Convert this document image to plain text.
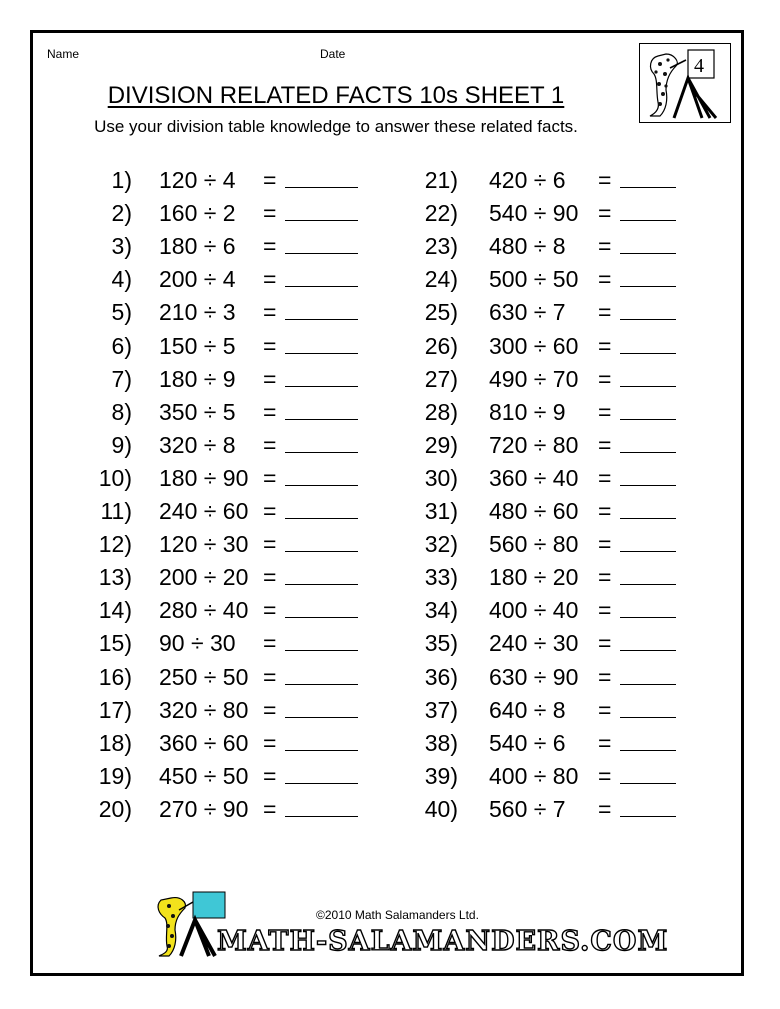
Name	Date
4
DIVISION RELATED FACTS 10s SHEET 1
Use your division table knowledge to answer these related facts.
1) 120 ÷ 4 =
2) 160 ÷ 2 =
3) 180 ÷ 6 =
4) 200 ÷ 4 =
5) 210 ÷ 3 =
6) 150 ÷ 5 =
7) 180 ÷ 9 =
8) 350 ÷ 5 =
9) 320 ÷ 8 =
10) 180 ÷ 90 =
11) 240 ÷ 60 =
12) 120 ÷ 30 =
13) 200 ÷ 20 =
14) 280 ÷ 40 =
15) 90 ÷ 30 =
16) 250 ÷ 50 =
17) 320 ÷ 80 =
18) 360 ÷ 60 =
19) 450 ÷ 50 =
20) 270 ÷ 90 =
21) 420 ÷ 6 =
22) 540 ÷ 90 =
23) 480 ÷ 8 =
24) 500 ÷ 50 =
25) 630 ÷ 7 =
26) 300 ÷ 60 =
27) 490 ÷ 70 =
28) 810 ÷ 9 =
29) 720 ÷ 80 =
30) 360 ÷ 40 =
31) 480 ÷ 60 =
32) 560 ÷ 80 =
33) 180 ÷ 20 =
34) 400 ÷ 40 =
35) 240 ÷ 30 =
36) 630 ÷ 90 =
37) 640 ÷ 8 =
38) 540 ÷ 6 =
39) 400 ÷ 80 =
40) 560 ÷ 7 =
MATH-SALAMANDERS.COM
©2010 Math Salamanders Ltd.
